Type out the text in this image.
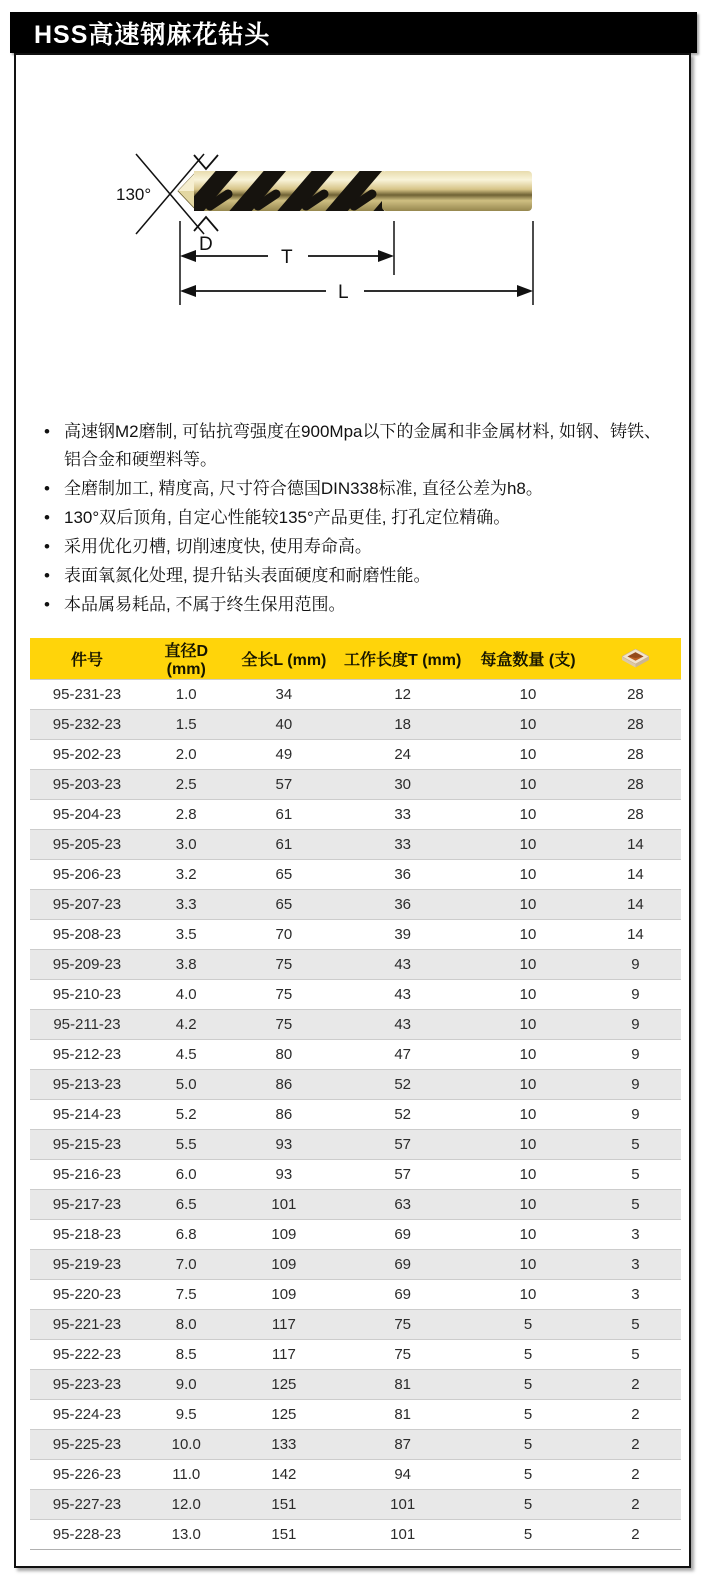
HSS高速钢麻花钻头
130°
D
T
L
• 高速钢M2磨制, 可钻抗弯强度在900Mpa以下的金属和非金属材料, 如钢、铸铁、铝合金和硬塑料等。
• 全磨制加工, 精度高, 尺寸符合德国DIN338标准, 直径公差为h8。
• 130°双后顶角, 自定心性能较135°产品更佳, 打孔定位精确。
• 采用优化刃槽, 切削速度快, 使用寿命高。
• 表面氧氮化处理, 提升钻头表面硬度和耐磨性能。
• 本品属易耗品, 不属于终生保用范围。
件号	直径D (mm)	全长L (mm)	工作长度T (mm)	每盒数量 (支)	
95-231-23	1.0	34	12	10	28
95-232-23	1.5	40	18	10	28
95-202-23	2.0	49	24	10	28
95-203-23	2.5	57	30	10	28
95-204-23	2.8	61	33	10	28
95-205-23	3.0	61	33	10	14
95-206-23	3.2	65	36	10	14
95-207-23	3.3	65	36	10	14
95-208-23	3.5	70	39	10	14
95-209-23	3.8	75	43	10	9
95-210-23	4.0	75	43	10	9
95-211-23	4.2	75	43	10	9
95-212-23	4.5	80	47	10	9
95-213-23	5.0	86	52	10	9
95-214-23	5.2	86	52	10	9
95-215-23	5.5	93	57	10	5
95-216-23	6.0	93	57	10	5
95-217-23	6.5	101	63	10	5
95-218-23	6.8	109	69	10	3
95-219-23	7.0	109	69	10	3
95-220-23	7.5	109	69	10	3
95-221-23	8.0	117	75	5	5
95-222-23	8.5	117	75	5	5
95-223-23	9.0	125	81	5	2
95-224-23	9.5	125	81	5	2
95-225-23	10.0	133	87	5	2
95-226-23	11.0	142	94	5	2
95-227-23	12.0	151	101	5	2
95-228-23	13.0	151	101	5	2
